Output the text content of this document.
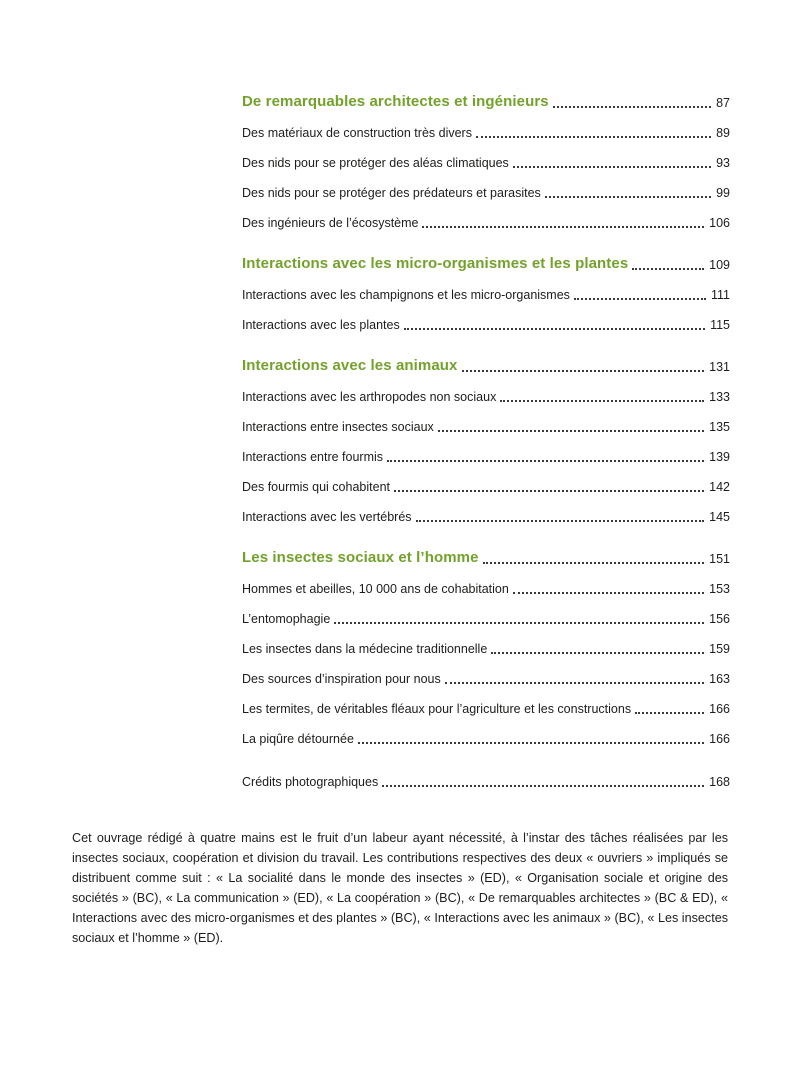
De remarquables architectes et ingénieurs	87
Des matériaux de construction très divers	89
Des nids pour se protéger des aléas climatiques	93
Des nids pour se protéger des prédateurs et parasites	99
Des ingénieurs de l’écosystème	106
Interactions avec les micro-organismes et les plantes	109
Interactions avec les champignons et les micro-organismes	111
Interactions avec les plantes	115
Interactions avec les animaux	131
Interactions avec les arthropodes non sociaux	133
Interactions entre insectes sociaux	135
Interactions entre fourmis	139
Des fourmis qui cohabitent	142
Interactions avec les vertébrés	145
Les insectes sociaux et l’homme	151
Hommes et abeilles, 10 000 ans de cohabitation	153
L’entomophagie	156
Les insectes dans la médecine traditionnelle	159
Des sources d’inspiration pour nous	163
Les termites, de véritables fléaux pour l’agriculture et les constructions	166
La piqûre détournée	166
Crédits photographiques	168

Cet ouvrage rédigé à quatre mains est le fruit d’un labeur ayant nécessité, à l’instar des tâches réalisées par les insectes sociaux, coopération et division du travail. Les contributions respectives des deux « ouvriers » impliqués se distribuent comme suit : « La socialité dans le monde des insectes » (ED), « Organisation sociale et origine des sociétés » (BC), « La communication » (ED), « La coopération » (BC), « De remarquables architectes » (BC & ED), « Interactions avec des micro-organismes et des plantes » (BC), « Interactions avec les animaux » (BC), « Les insectes sociaux et l’homme » (ED).
